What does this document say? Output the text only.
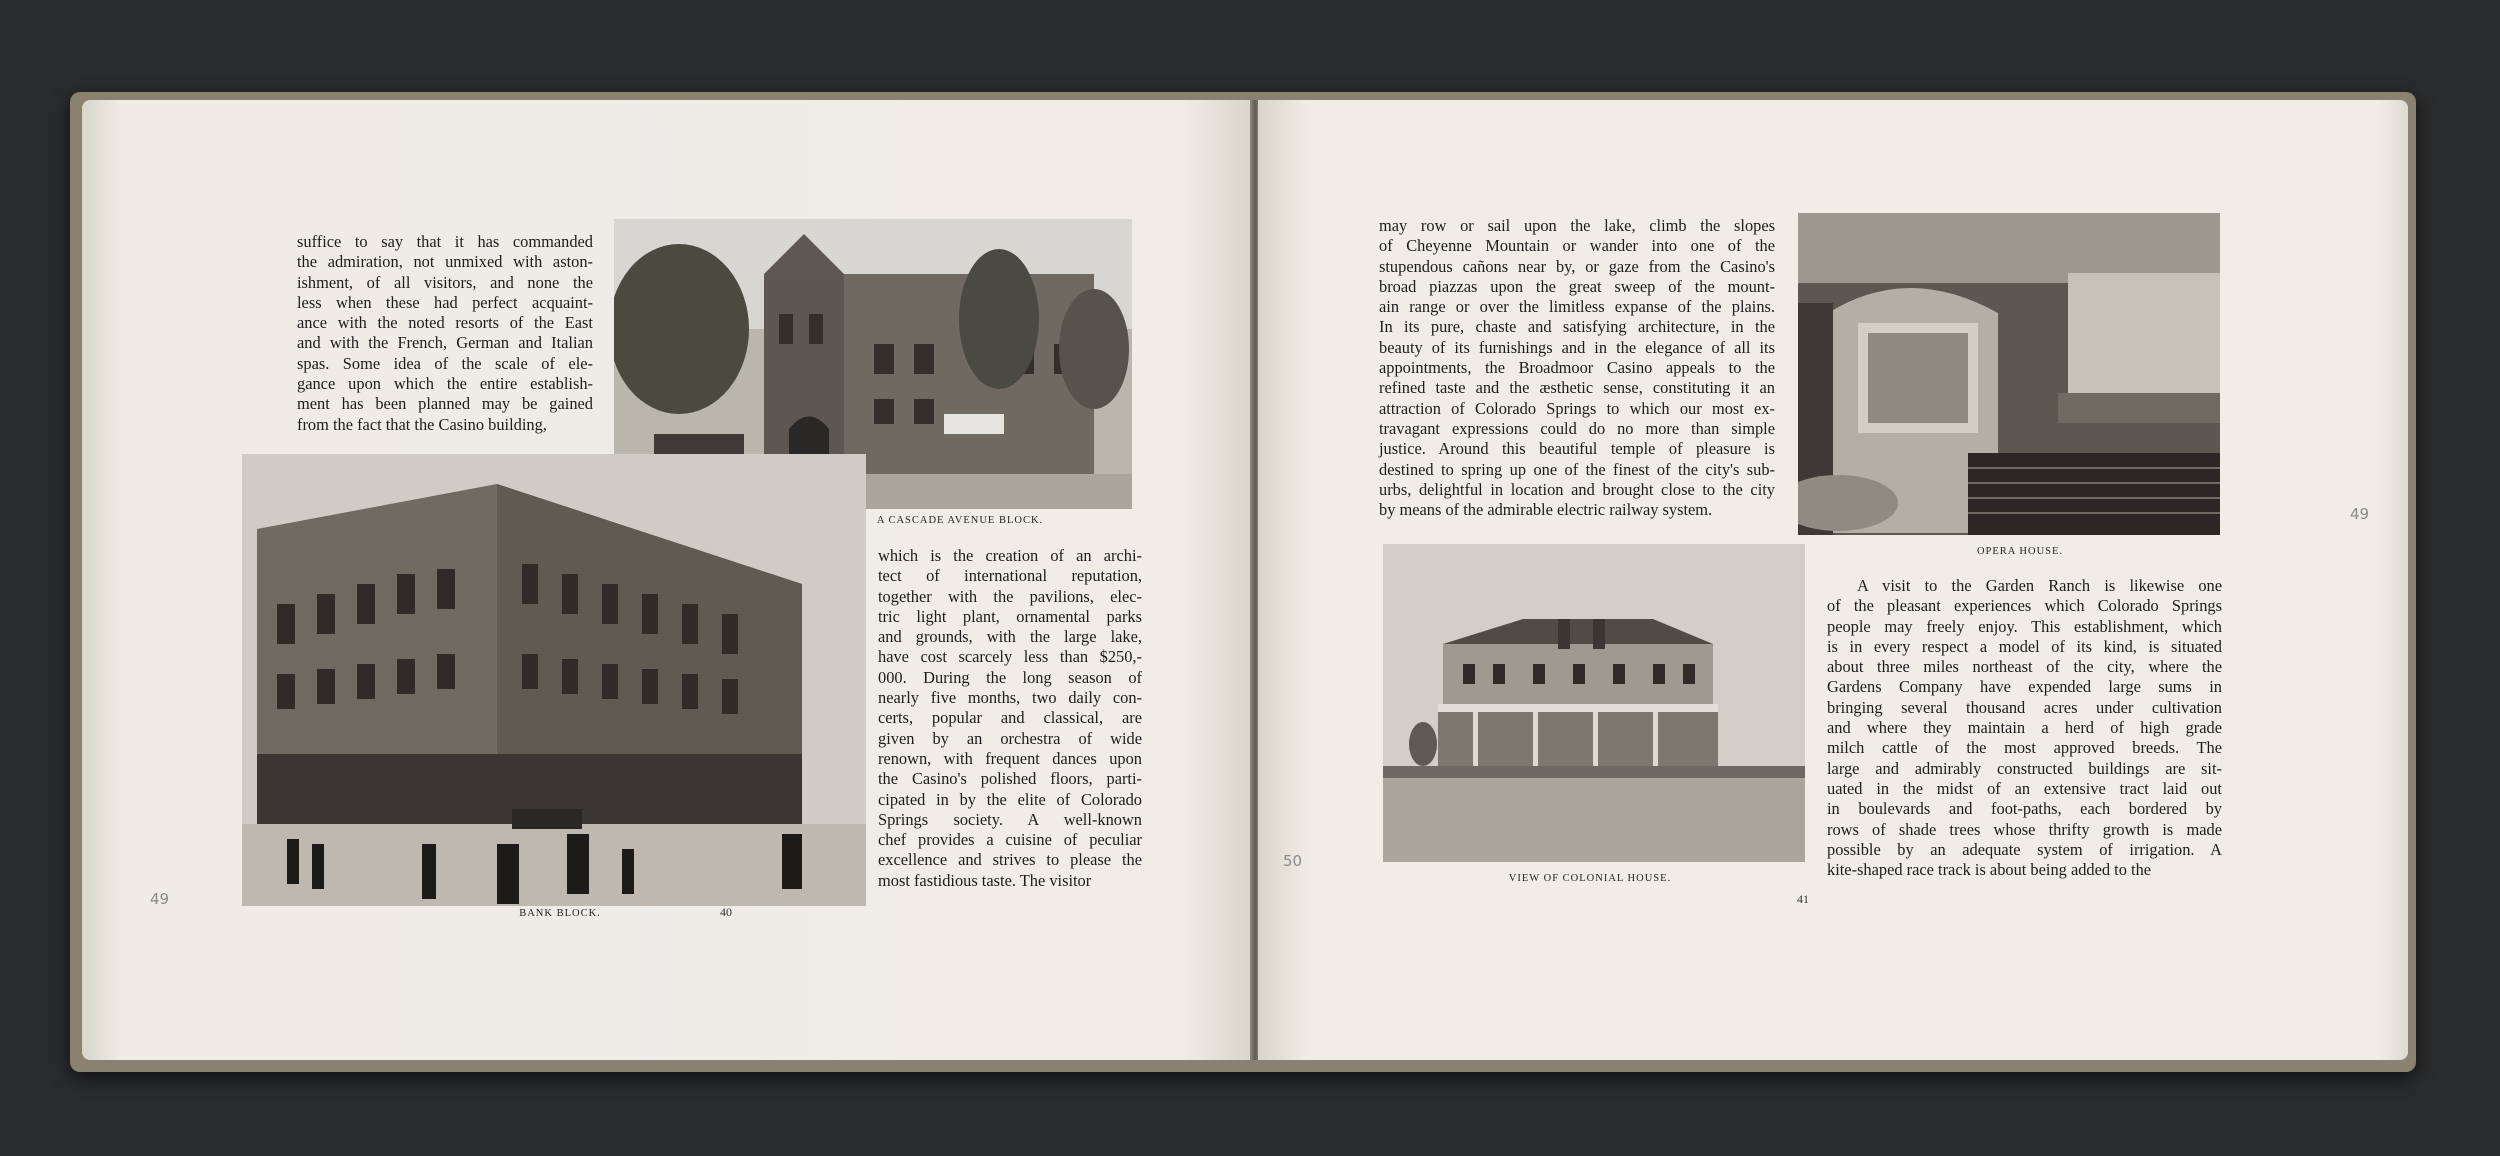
suffice to say that it has commanded
the admiration, not unmixed with aston-
ishment, of all visitors, and none the
less when these had perfect acquaint-
ance with the noted resorts of the East
and with the French, German and Italian
spas. Some idea of the scale of ele-
gance upon which the entire establish-
ment has been planned may be gained
from the fact that the Casino building,
A CASCADE AVENUE BLOCK.
BANK BLOCK.	40
49
which is the creation of an archi-
tect of international reputation,
together with the pavilions, elec-
tric light plant, ornamental parks
and grounds, with the large lake,
have cost scarcely less than $250,-
000. During the long season of
nearly five months, two daily con-
certs, popular and classical, are
given by an orchestra of wide
renown, with frequent dances upon
the Casino's polished floors, parti-
cipated in by the elite of Colorado
Springs society. A well-known
chef provides a cuisine of peculiar
excellence and strives to please the
most fastidious taste. The visitor
may row or sail upon the lake, climb the slopes
of Cheyenne Mountain or wander into one of the
stupendous cañons near by, or gaze from the Casino's
broad piazzas upon the great sweep of the mount-
ain range or over the limitless expanse of the plains.
In its pure, chaste and satisfying architecture, in the
beauty of its furnishings and in the elegance of all its
appointments, the Broadmoor Casino appeals to the
refined taste and the æsthetic sense, constituting it an
attraction of Colorado Springs to which our most ex-
travagant expressions could do no more than simple
justice. Around this beautiful temple of pleasure is
destined to spring up one of the finest of the city's sub-
urbs, delightful in location and brought close to the city
by means of the admirable electric railway system.
OPERA HOUSE.
49
VIEW OF COLONIAL HOUSE.
50
41
A visit to the Garden Ranch is likewise one
of the pleasant experiences which Colorado Springs
people may freely enjoy. This establishment, which
is in every respect a model of its kind, is situated
about three miles northeast of the city, where the
Gardens Company have expended large sums in
bringing several thousand acres under cultivation
and where they maintain a herd of high grade
milch cattle of the most approved breeds. The
large and admirably constructed buildings are sit-
uated in the midst of an extensive tract laid out
in boulevards and foot-paths, each bordered by
rows of shade trees whose thrifty growth is made
possible by an adequate system of irrigation. A
kite-shaped race track is about being added to the
